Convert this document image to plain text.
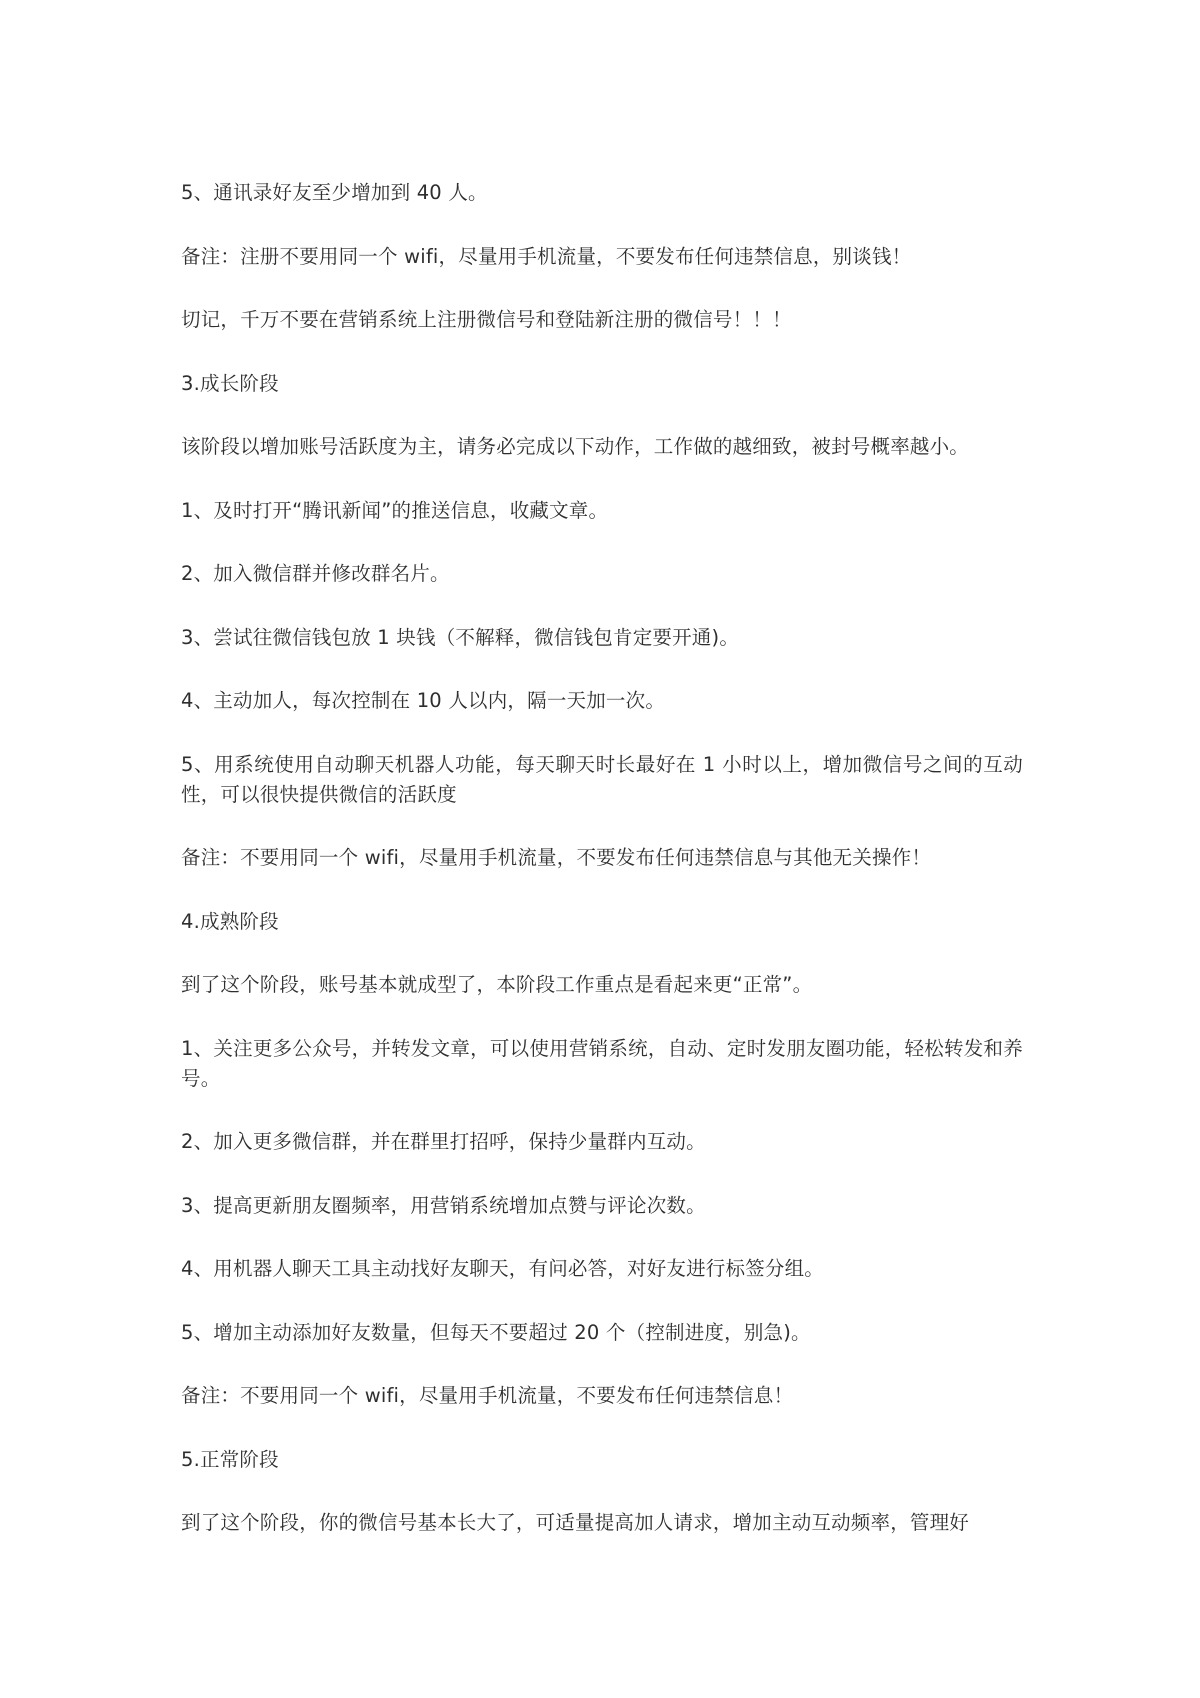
5、通讯录好友至少增加到 40 人。

备注：注册不要用同一个 wifi，尽量用手机流量，不要发布任何违禁信息，别谈钱！

切记，千万不要在营销系统上注册微信号和登陆新注册的微信号！！！

3.成长阶段

该阶段以增加账号活跃度为主，请务必完成以下动作，工作做的越细致，被封号概率越小。

1、及时打开“腾讯新闻”的推送信息，收藏文章。

2、加入微信群并修改群名片。

3、尝试往微信钱包放 1 块钱（不解释，微信钱包肯定要开通)。

4、主动加人，每次控制在 10 人以内，隔一天加一次。

5、用系统使用自动聊天机器人功能，每天聊天时长最好在 1 小时以上，增加微信号之间的互动性，可以很快提供微信的活跃度

备注：不要用同一个 wifi，尽量用手机流量，不要发布任何违禁信息与其他无关操作！

4.成熟阶段

到了这个阶段，账号基本就成型了，本阶段工作重点是看起来更“正常”。

1、关注更多公众号，并转发文章，可以使用营销系统，自动、定时发朋友圈功能，轻松转发和养号。

2、加入更多微信群，并在群里打招呼，保持少量群内互动。

3、提高更新朋友圈频率，用营销系统增加点赞与评论次数。

4、用机器人聊天工具主动找好友聊天，有问必答，对好友进行标签分组。

5、增加主动添加好友数量，但每天不要超过 20 个（控制进度，别急)。

备注：不要用同一个 wifi，尽量用手机流量，不要发布任何违禁信息！

5.正常阶段

到了这个阶段，你的微信号基本长大了，可适量提高加人请求，增加主动互动频率，管理好
